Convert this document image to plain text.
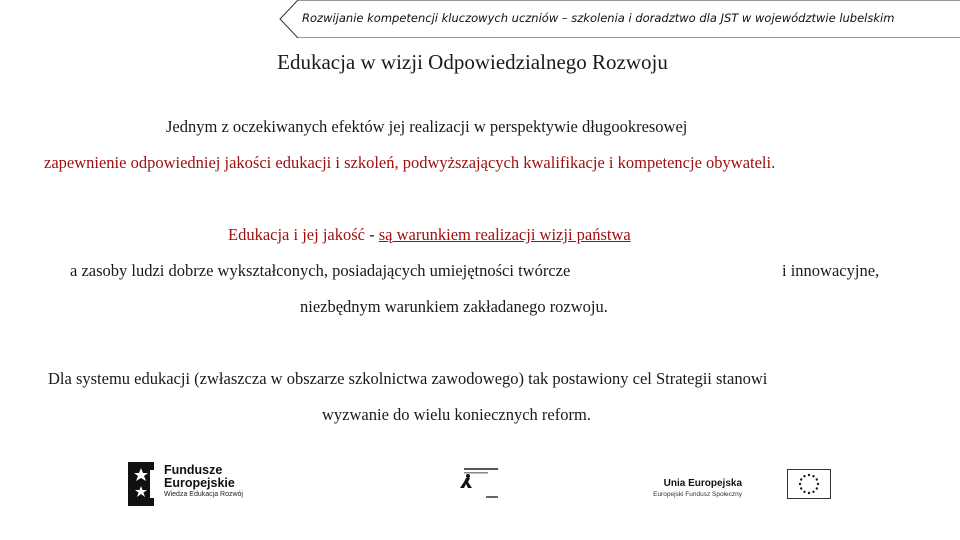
Rozwijanie kompetencji kluczowych uczniów – szkolenia i doradztwo dla JST w województwie lubelskim
Edukacja w wizji Odpowiedzialnego Rozwoju
Jednym z oczekiwanych efektów jej realizacji w perspektywie długookresowej
zapewnienie odpowiedniej jakości edukacji i szkoleń, podwyższających kwalifikacje i kompetencje obywateli.
Edukacja i jej jakość - są warunkiem realizacji wizji państwa
a zasoby ludzi dobrze wykształconych, posiadających umiejętności twórcze	i innowacyjne,
niezbędnym warunkiem zakładanego rozwoju.
Dla systemu edukacji (zwłaszcza w obszarze szkolnictwa zawodowego) tak postawiony cel Strategii stanowi
wyzwanie do wielu koniecznych reform.
Fundusze
Europejskie
Wiedza Edukacja Rozwój
Unia Europejska
Europejski Fundusz Społeczny
